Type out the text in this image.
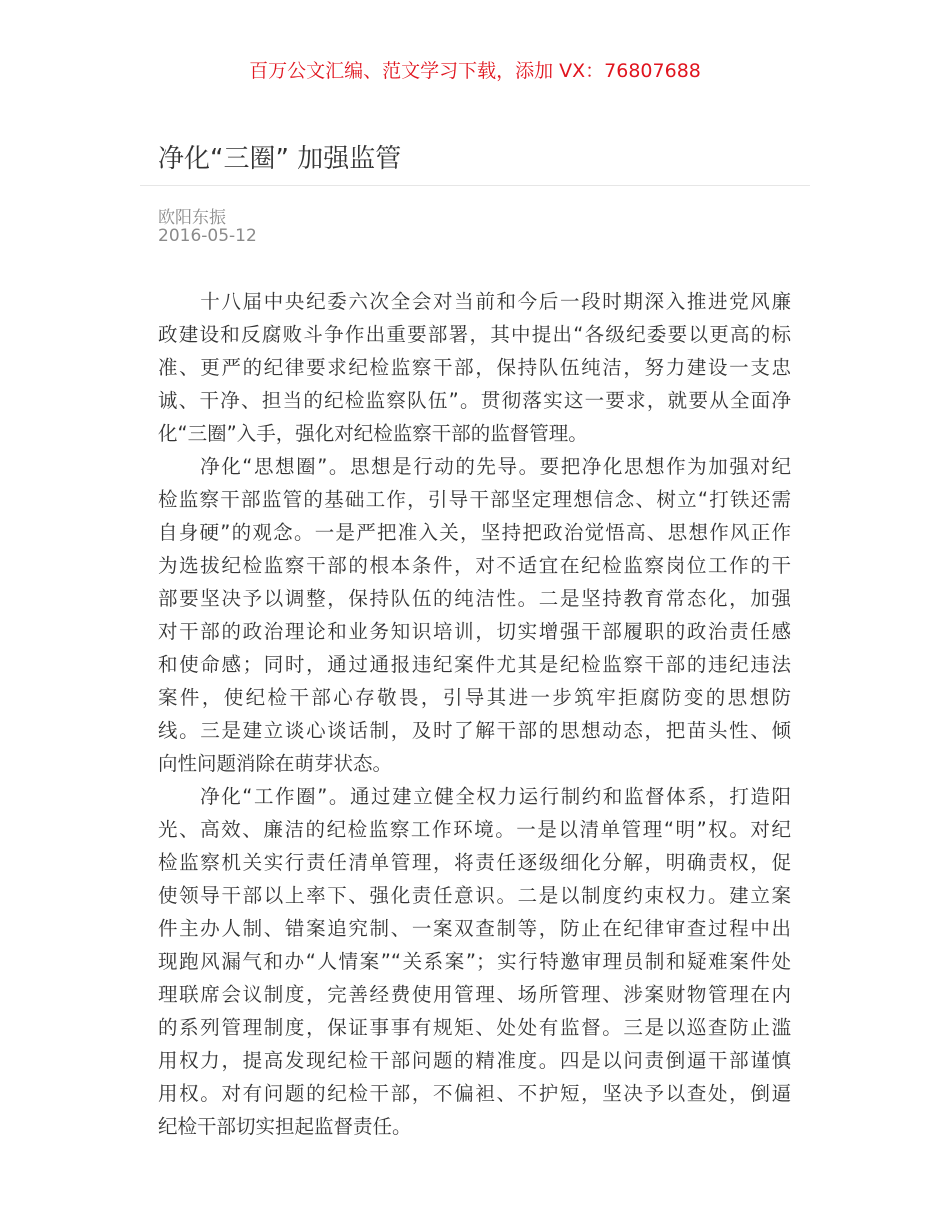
百万公文汇编、范文学习下载，添加 VX：76807688
净化“三圈” 加强监管
欧阳东振
2016-05-12
　　十八届中央纪委六次全会对当前和今后一段时期深入推进党风廉
政建设和反腐败斗争作出重要部署，其中提出“各级纪委要以更高的标
准、更严的纪律要求纪检监察干部，保持队伍纯洁，努力建设一支忠
诚、干净、担当的纪检监察队伍”。贯彻落实这一要求，就要从全面净
化“三圈”入手，强化对纪检监察干部的监督管理。
　　净化“思想圈”。思想是行动的先导。要把净化思想作为加强对纪
检监察干部监管的基础工作，引导干部坚定理想信念、树立“打铁还需
自身硬”的观念。一是严把准入关，坚持把政治觉悟高、思想作风正作
为选拔纪检监察干部的根本条件，对不适宜在纪检监察岗位工作的干
部要坚决予以调整，保持队伍的纯洁性。二是坚持教育常态化，加强
对干部的政治理论和业务知识培训，切实增强干部履职的政治责任感
和使命感；同时，通过通报违纪案件尤其是纪检监察干部的违纪违法
案件，使纪检干部心存敬畏，引导其进一步筑牢拒腐防变的思想防
线。三是建立谈心谈话制，及时了解干部的思想动态，把苗头性、倾
向性问题消除在萌芽状态。
　　净化“工作圈”。通过建立健全权力运行制约和监督体系，打造阳
光、高效、廉洁的纪检监察工作环境。一是以清单管理“明”权。对纪
检监察机关实行责任清单管理，将责任逐级细化分解，明确责权，促
使领导干部以上率下、强化责任意识。二是以制度约束权力。建立案
件主办人制、错案追究制、一案双查制等，防止在纪律审查过程中出
现跑风漏气和办“人情案”“关系案”；实行特邀审理员制和疑难案件处
理联席会议制度，完善经费使用管理、场所管理、涉案财物管理在内
的系列管理制度，保证事事有规矩、处处有监督。三是以巡查防止滥
用权力，提高发现纪检干部问题的精准度。四是以问责倒逼干部谨慎
用权。对有问题的纪检干部，不偏袒、不护短，坚决予以查处，倒逼
纪检干部切实担起监督责任。
